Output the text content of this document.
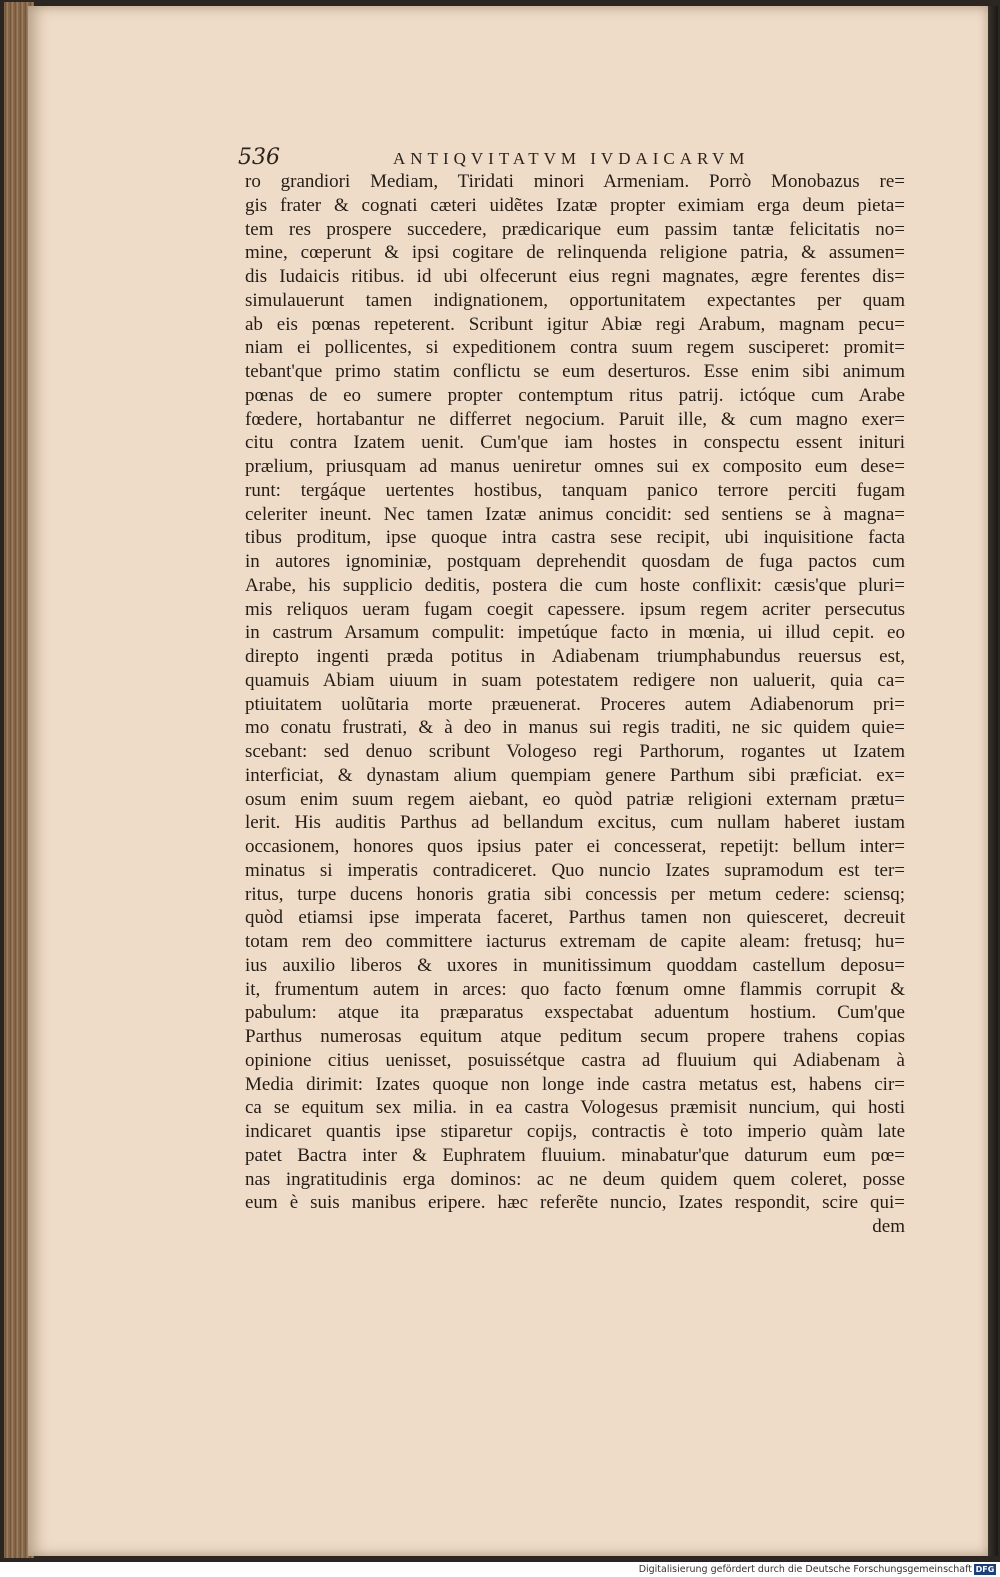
536	ANTIQVITATVM IVDAICARVM
ro grandiori Mediam, Tiridati minori Armeniam. Porrò Monobazus re=
gis frater & cognati cæteri uidẽtes Izatæ propter eximiam erga deum pieta=
tem res prospere succedere, prædicarique eum passim tantæ felicitatis no=
mine, cœperunt & ipsi cogitare de relinquenda religione patria, & assumen=
dis Iudaicis ritibus. id ubi olfecerunt eius regni magnates, ægre ferentes dis=
simulauerunt tamen indignationem, opportunitatem expectantes per quam
ab eis pœnas repeterent. Scribunt igitur Abiæ regi Arabum, magnam pecu=
niam ei pollicentes, si expeditionem contra suum regem susciperet: promit=
tebant'que primo statim conflictu se eum deserturos. Esse enim sibi animum
pœnas de eo sumere propter contemptum ritus patrij. ictóque cum Arabe
fœdere, hortabantur ne differret negocium. Paruit ille, & cum magno exer=
citu contra Izatem uenit. Cum'que iam hostes in conspectu essent inituri
prælium, priusquam ad manus ueniretur omnes sui ex composito eum dese=
runt: tergáque uertentes hostibus, tanquam panico terrore perciti fugam
celeriter ineunt. Nec tamen Izatæ animus concidit: sed sentiens se à magna=
tibus proditum, ipse quoque intra castra sese recipit, ubi inquisitione facta
in autores ignominiæ, postquam deprehendit quosdam de fuga pactos cum
Arabe, his supplicio deditis, postera die cum hoste conflixit: cæsis'que pluri=
mis reliquos ueram fugam coegit capessere. ipsum regem acriter persecutus
in castrum Arsamum compulit: impetúque facto in mœnia, ui illud cepit. eo
direpto ingenti præda potitus in Adiabenam triumphabundus reuersus est,
quamuis Abiam uiuum in suam potestatem redigere non ualuerit, quia ca=
ptiuitatem uolũtaria morte præuenerat. Proceres autem Adiabenorum pri=
mo conatu frustrati, & à deo in manus sui regis traditi, ne sic quidem quie=
scebant: sed denuo scribunt Vologeso regi Parthorum, rogantes ut Izatem
interficiat, & dynastam alium quempiam genere Parthum sibi præficiat. ex=
osum enim suum regem aiebant, eo quòd patriæ religioni externam prætu=
lerit. His auditis Parthus ad bellandum excitus, cum nullam haberet iustam
occasionem, honores quos ipsius pater ei concesserat, repetijt: bellum inter=
minatus si imperatis contradiceret. Quo nuncio Izates supramodum est ter=
ritus, turpe ducens honoris gratia sibi concessis per metum cedere: sciensq;
quòd etiamsi ipse imperata faceret, Parthus tamen non quiesceret, decreuit
totam rem deo committere iacturus extremam de capite aleam: fretusq; hu=
ius auxilio liberos & uxores in munitissimum quoddam castellum deposu=
it, frumentum autem in arces: quo facto fœnum omne flammis corrupit &
pabulum: atque ita præparatus exspectabat aduentum hostium. Cum'que
Parthus numerosas equitum atque peditum secum propere trahens copias
opinione citius uenisset, posuissétque castra ad fluuium qui Adiabenam à
Media dirimit: Izates quoque non longe inde castra metatus est, habens cir=
ca se equitum sex milia. in ea castra Vologesus præmisit nuncium, qui hosti
indicaret quantis ipse stiparetur copijs, contractis è toto imperio quàm late
patet Bactra inter & Euphratem fluuium. minabatur'que daturum eum pœ=
nas ingratitudinis erga dominos: ac ne deum quidem quem coleret, posse
eum è suis manibus eripere. hæc referẽte nuncio, Izates respondit, scire qui=
dem
Digitalisierung gefördert durch die Deutsche Forschungsgemeinschaft DFG
